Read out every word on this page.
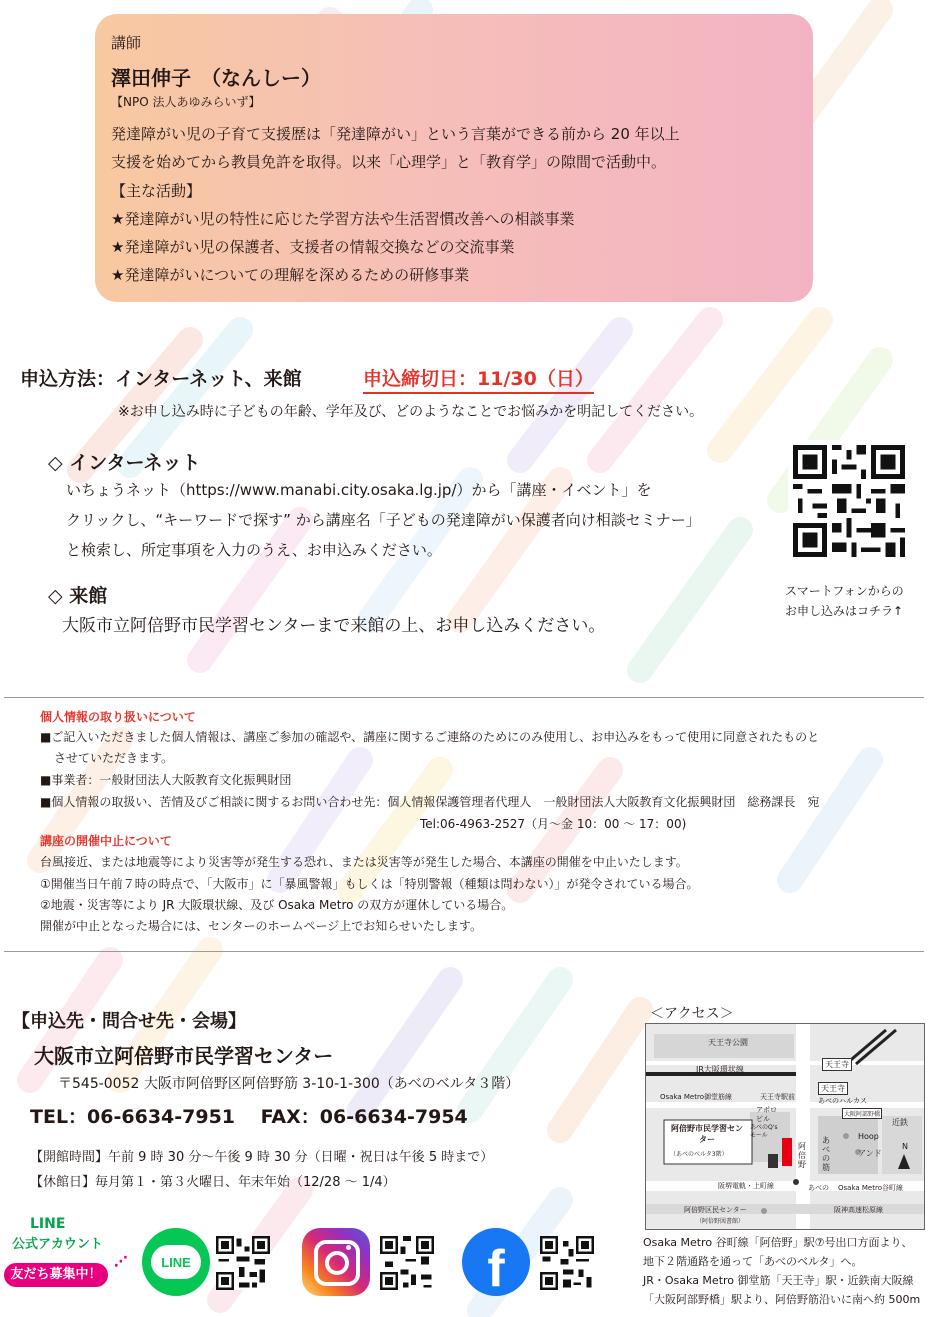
講師
澤田伸子　（なんしー）
【NPO 法人あゆみらいず】
発達障がい児の子育て支援歴は「発達障がい」という言葉ができる前から 20 年以上
支援を始めてから教員免許を取得。以来「心理学」と「教育学」の隙間で活動中。
【主な活動】
★発達障がい児の特性に応じた学習方法や生活習慣改善への相談事業
★発達障がい児の保護者、支援者の情報交換などの交流事業
★発達障がいについての理解を深めるための研修事業
申込方法：インターネット、来館	申込締切日：11/30（日）
※お申し込み時に子どもの年齢、学年及び、どのようなことでお悩みかを明記してください。
◇ インターネット
いちょうネット（https://www.manabi.city.osaka.lg.jp/）から「講座・イベント」を
クリックし、“キーワードで探す” から講座名「子どもの発達障がい保護者向け相談セミナー」
と検索し、所定事項を入力のうえ、お申込みください。
◇ 来館
大阪市立阿倍野市民学習センターまで来館の上、お申し込みください。
スマートフォンからの
お申し込みはコチラ↑
個人情報の取り扱いについて
■ご記入いただきました個人情報は、講座ご参加の確認や、講座に関するご連絡のためにのみ使用し、お申込みをもって使用に同意されたものと
させていただきます。
■事業者：一般財団法人大阪教育文化振興財団
■個人情報の取扱い、苦情及びご相談に関するお問い合わせ先：個人情報保護管理者代理人　一般財団法人大阪教育文化振興財団　総務課長　宛
Tel:06-4963-2527（月～金 10：00 ～ 17：00)
講座の開催中止について
台風接近、または地震等により災害等が発生する恐れ、または災害等が発生した場合、本講座の開催を中止いたします。
①開催当日午前７時の時点で、「大阪市」に「暴風警報」もしくは「特別警報（種類は問わない）」が発令されている場合。
②地震・災害等により JR 大阪環状線、及び Osaka Metro の双方が運休している場合。
開催が中止となった場合には、センターのホームページ上でお知らせいたします。
【申込先・問合せ先・会場】
大阪市立阿倍野市民学習センター
〒545-0052 大阪市阿倍野区阿倍野筋 3-10-1-300（あべのベルタ３階）
TEL：06-6634-7951　 FAX：06-6634-7954
【開館時間】午前 9 時 30 分～午後 9 時 30 分（日曜・祝日は午後 5 時まで）
【休館日】毎月第１・第３火曜日、年末年始（12/28 ～ 1/4）
LINE
公式アカウント
友だち募集中！
⋰	LINE	f
＜アクセス＞
天王寺公園
JR大阪環状線
天王寺
天王寺
Osaka Metro御堂筋線	天王寺駅前	あべのハルカス
大阪阿部野橋
近鉄
アポロビル
あべのQ'sモール
阿倍野市民学習センター
（あべのベルタ3階）
あべの筋
Hoop
アンド
N
阿倍野
阪堺電軌・上町線	あべの Osaka Metro谷町線
阿倍野区民センター
（阿倍野図書館）
阪神高速松原線
Osaka Metro 谷町線「阿倍野」駅⑦号出口方面より、
地下２階通路を通って「あべのベルタ」へ。
JR・Osaka Metro 御堂筋「天王寺」駅・近鉄南大阪線
「大阪阿部野橋」駅より、阿倍野筋沿いに南へ約 500m
